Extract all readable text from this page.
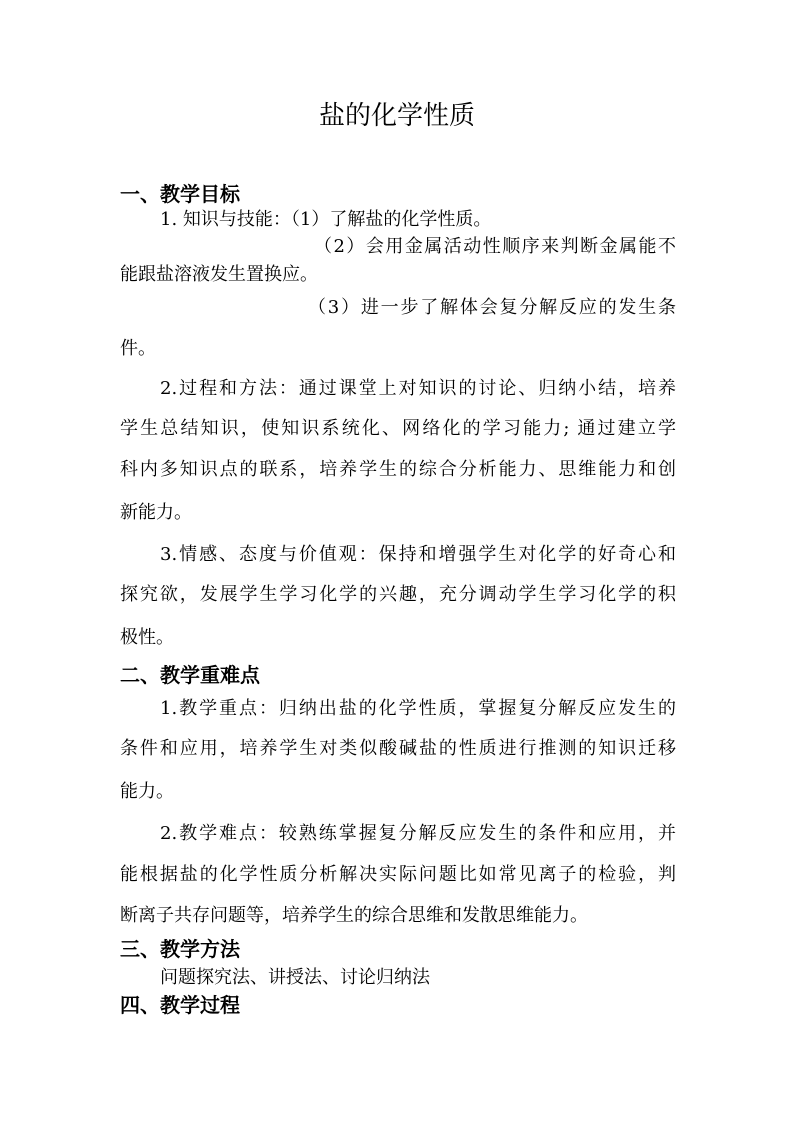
盐的化学性质
一、教学目标
1. 知识与技能：（1）了解盐的化学性质。
（2）会用金属活动性顺序来判断金属能不
能跟盐溶液发生置换应。
（3）进一步了解体会复分解反应的发生条
件。
2.过程和方法：通过课堂上对知识的讨论、归纳小结，培养
学生总结知识，使知识系统化、网络化的学习能力; 通过建立学
科内多知识点的联系，培养学生的综合分析能力、思维能力和创
新能力。
3.情感、态度与价值观：保持和增强学生对化学的好奇心和
探究欲，发展学生学习化学的兴趣，充分调动学生学习化学的积
极性。
二、教学重难点
1.教学重点：归纳出盐的化学性质，掌握复分解反应发生的
条件和应用，培养学生对类似酸碱盐的性质进行推测的知识迁移
能力。
2.教学难点：较熟练掌握复分解反应发生的条件和应用，并
能根据盐的化学性质分析解决实际问题比如常见离子的检验，判
断离子共存问题等，培养学生的综合思维和发散思维能力。
三、教学方法
问题探究法、讲授法、讨论归纳法
四、教学过程
